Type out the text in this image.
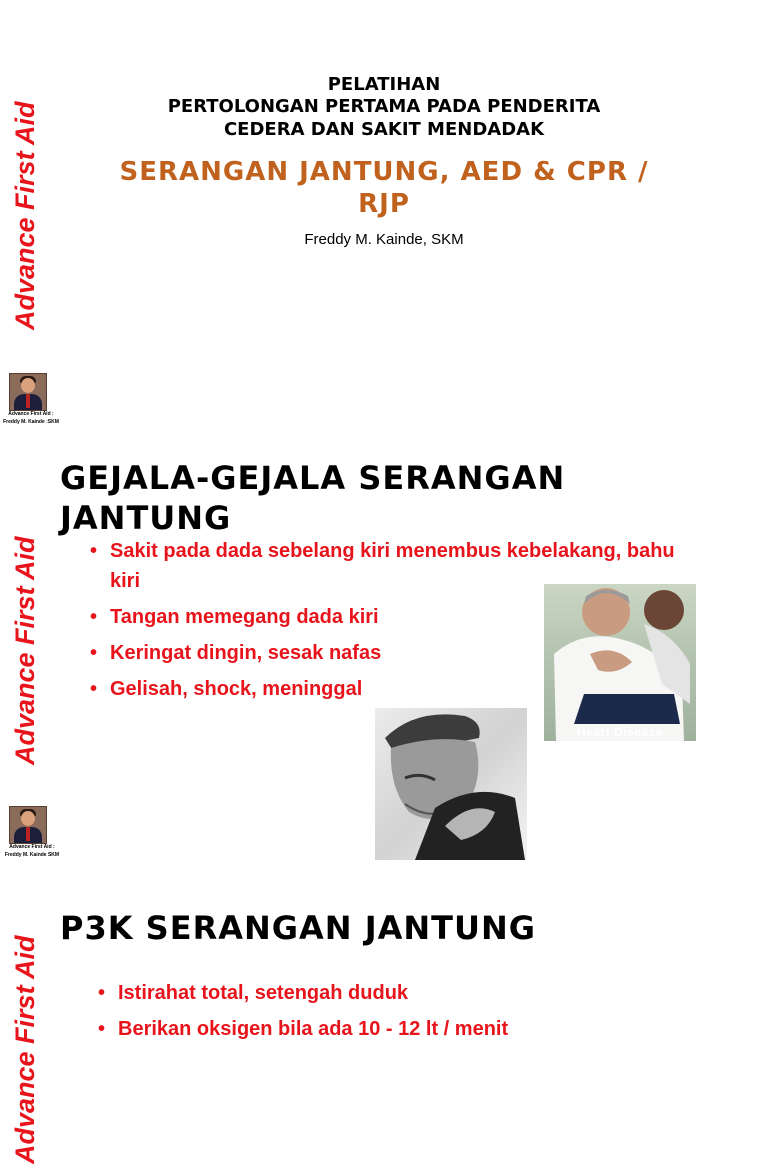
Advance First Aid
Advance First Aid :
Freddy M. Kainde :SKM
PELATIHAN
PERTOLONGAN PERTAMA PADA PENDERITA
CEDERA DAN SAKIT MENDADAK
SERANGAN JANTUNG, AED & CPR / RJP
Freddy M. Kainde, SKM
Advance First Aid
Advance First Aid :
Freddy M. Kainde SKM
GEJALA-GEJALA SERANGAN JANTUNG
• Sakit pada dada sebelang kiri menembus kebelakang, bahu kiri
• Tangan memegang dada kiri
• Keringat dingin, sesak nafas
• Gelisah, shock, meninggal
Heart Disease
Advance First Aid
P3K SERANGAN JANTUNG
• Istirahat total, setengah duduk
• Berikan oksigen bila ada 10 - 12 lt / menit
